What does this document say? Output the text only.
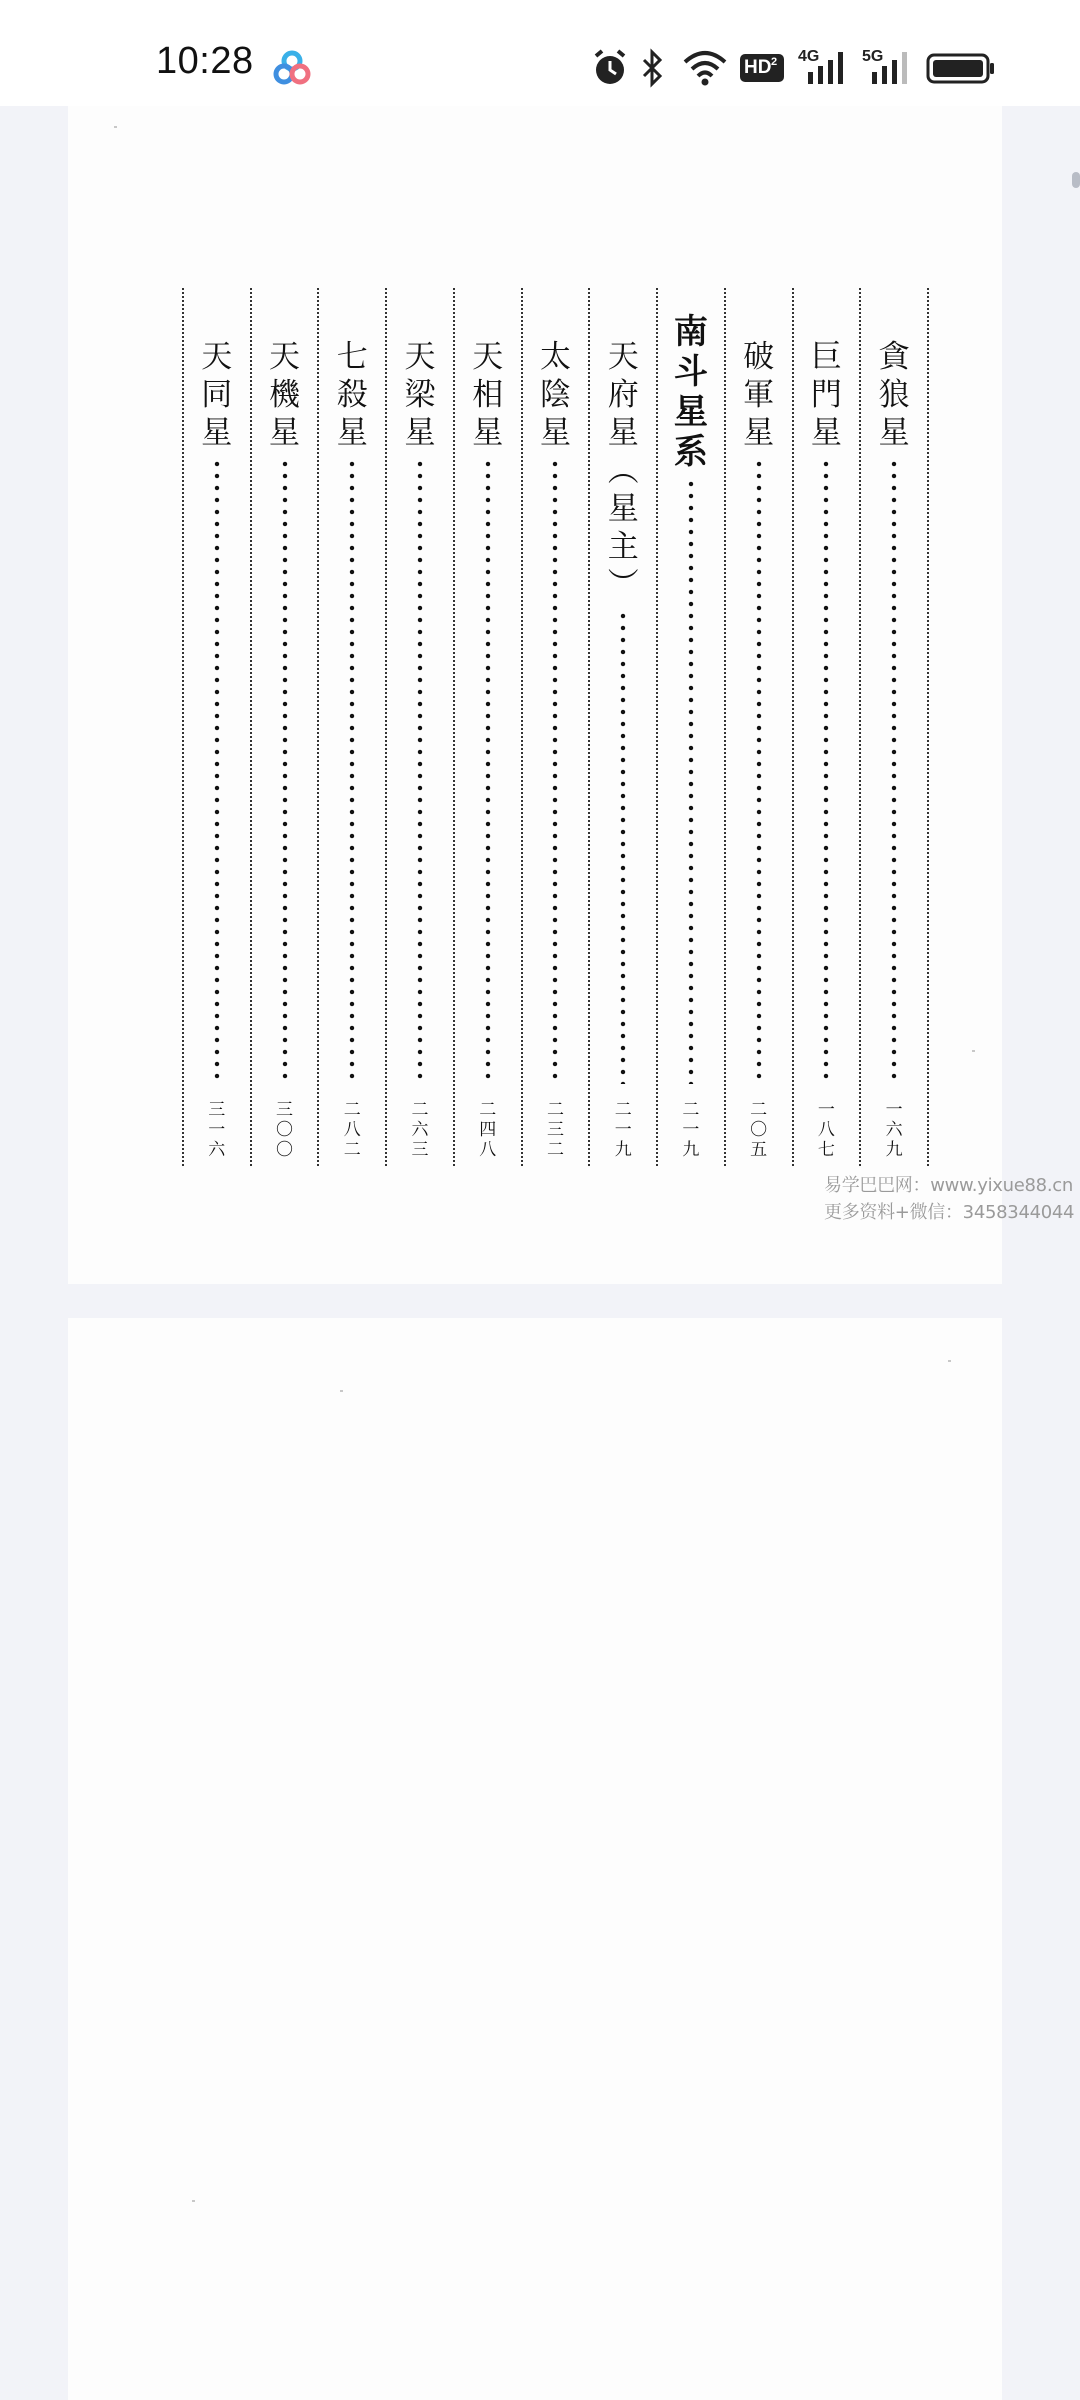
10:28	HD 2 4G	5G
貪
狼
星
一
六
九
巨
門
星
一
八
七
破
軍
星
二
〇
五
南
斗
星
系
二
一
九
天
府
星
︵
星
主
︶
二
一
九
太
陰
星
二
三
二
天
相
星
二
四
八
天
梁
星
二
六
三
七
殺
星
二
八
二
天
機
星
三
〇
〇
天
同
星
三
一
六
易学巴巴网：www.yixue88.cn
更多资料+微信：3458344044
